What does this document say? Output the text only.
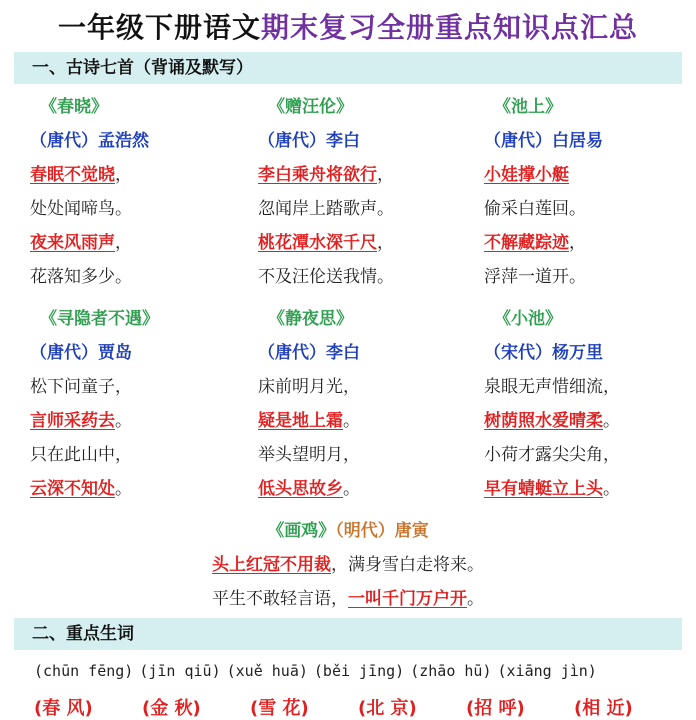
一年级下册语文期末复习全册重点知识点汇总
一、古诗七首（背诵及默写）
《春晓》
（唐代）孟浩然
春眠不觉晓，
处处闻啼鸟。
夜来风雨声，
花落知多少。
《赠汪伦》
（唐代）李白
李白乘舟将欲行，
忽闻岸上踏歌声。
桃花潭水深千尺，
不及汪伦送我情。
《池上》
（唐代）白居易
小娃撑小艇
偷采白莲回。
不解藏踪迹，
浮萍一道开。
《寻隐者不遇》
（唐代）贾岛
松下问童子，
言师采药去。
只在此山中，
云深不知处。
《静夜思》
（唐代）李白
床前明月光，
疑是地上霜。
举头望明月，
低头思故乡。
《小池》
（宋代）杨万里
泉眼无声惜细流，
树荫照水爱晴柔。
小荷才露尖尖角，
早有蜻蜓立上头。
《画鸡》（明代）唐寅
头上红冠不用裁，满身雪白走将来。
平生不敢轻言语，一叫千门万户开。
二、重点生词
(chūn fēng) (jīn qiū) (xuě huā) (běi jīng) (zhāo hū) (xiāng jìn)
(春 风)	(金 秋)	(雪 花)	(北 京)	(招 呼)	(相 近)
